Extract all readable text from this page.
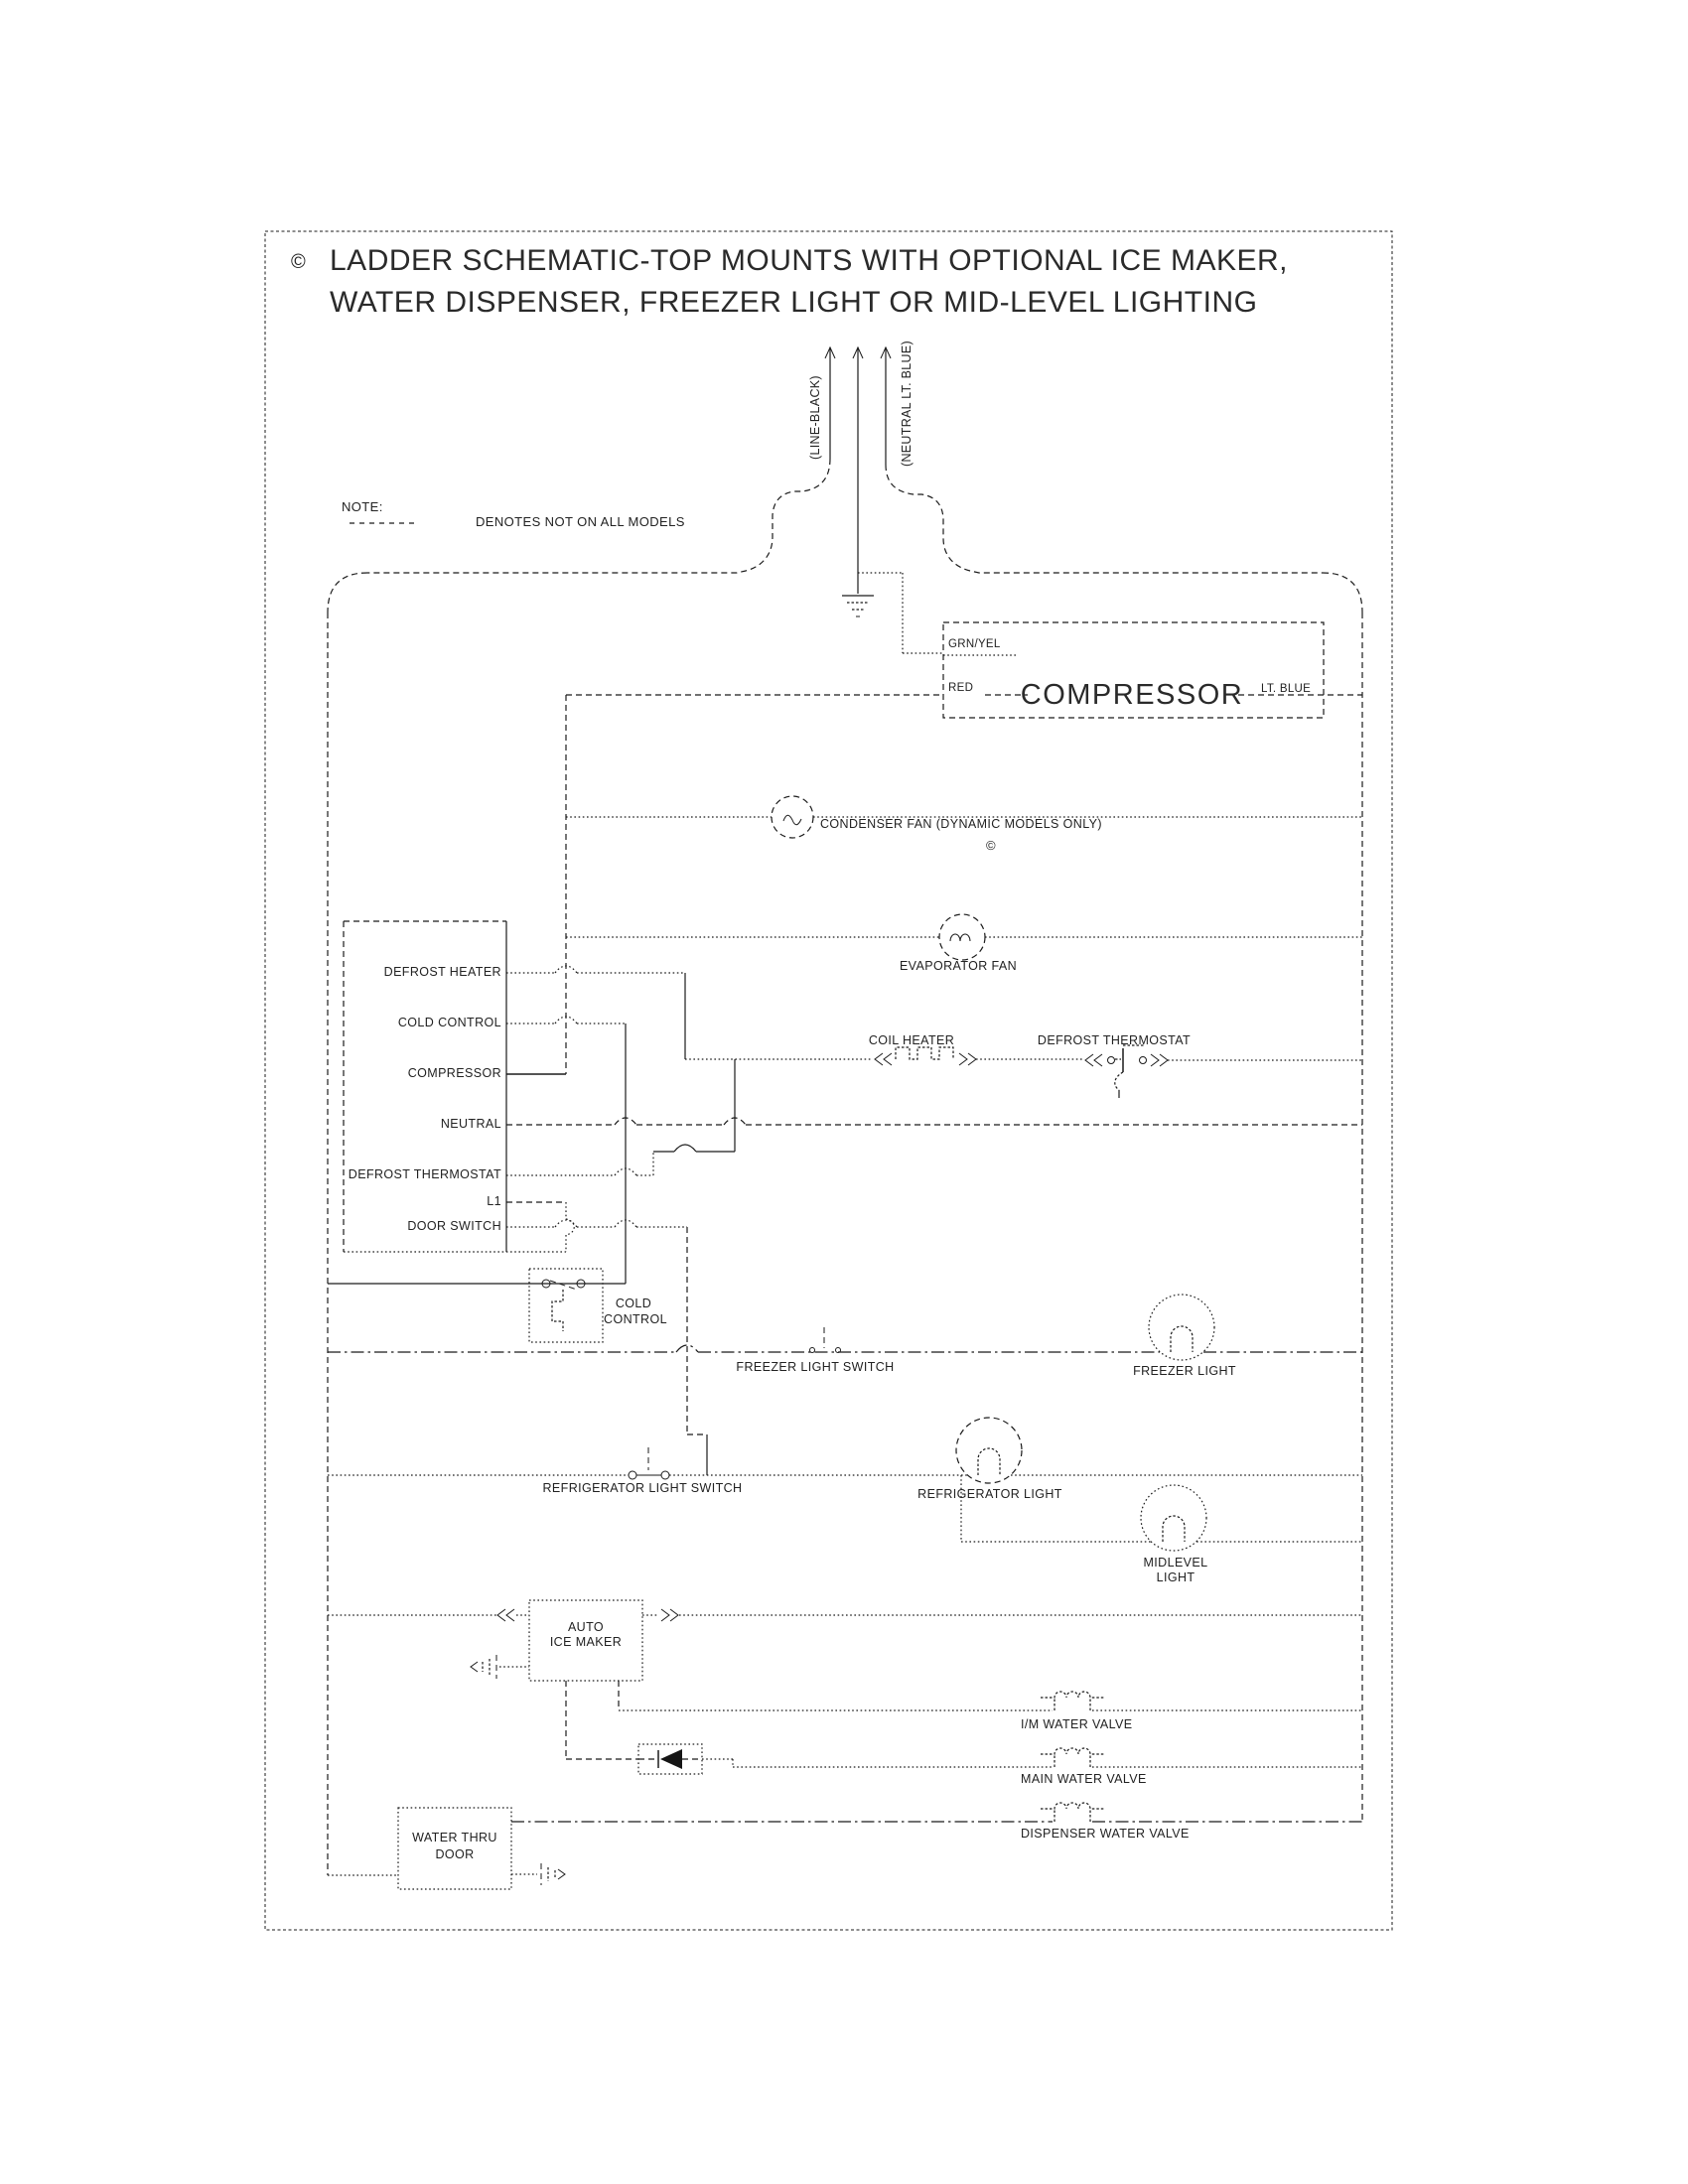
© LADDER SCHEMATIC-TOP MOUNTS WITH OPTIONAL ICE MAKER,
WATER DISPENSER, FREEZER LIGHT OR MID-LEVEL LIGHTING
NOTE:
DENOTES NOT ON ALL MODELS
(LINE-BLACK)	(NEUTRAL LT. BLUE)
GRN/YEL
RED COMPRESSOR LT. BLUE
CONDENSER FAN (DYNAMIC MODELS ONLY)
©
EVAPORATOR FAN
DEFROST HEATER
COLD CONTROL
COMPRESSOR
NEUTRAL
DEFROST THERMOSTAT
L1
DOOR SWITCH
COIL HEATER	DEFROST THERMOSTAT
COLD
CONTROL
FREEZER LIGHT SWITCH	FREEZER LIGHT
REFRIGERATOR LIGHT SWITCH	REFRIGERATOR LIGHT
MIDLEVEL
LIGHT
AUTO
ICE MAKER
I/M WATER VALVE
MAIN WATER VALVE
DISPENSER WATER VALVE
WATER THRU
DOOR
